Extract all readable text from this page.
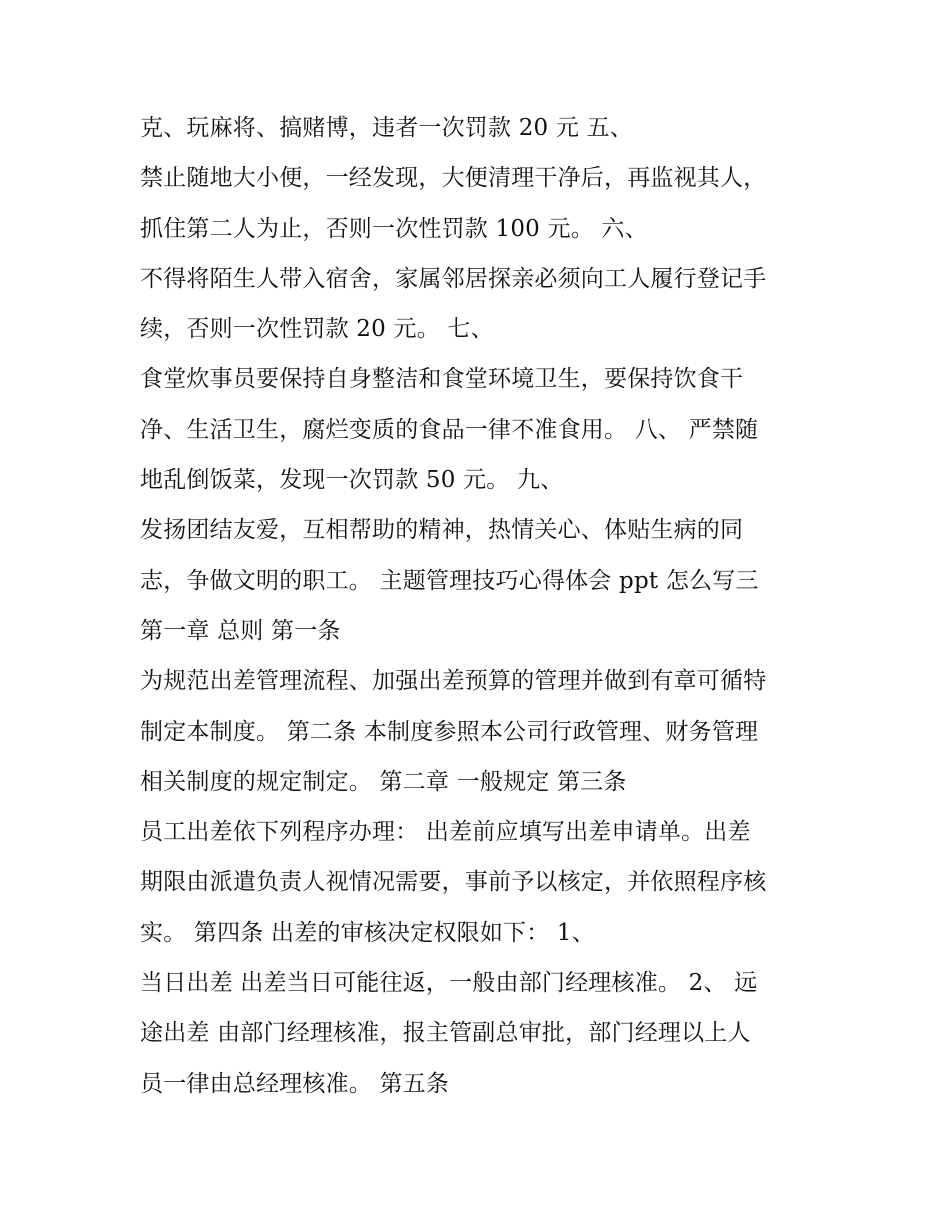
克、玩麻将、搞赌博，违者一次罚款 20 元 五、
禁止随地大小便，一经发现，大便清理干净后，再监视其人，
抓住第二人为止，否则一次性罚款 100 元。 六、
不得将陌生人带入宿舍，家属邻居探亲必须向工人履行登记手
续，否则一次性罚款 20 元。 七、
食堂炊事员要保持自身整洁和食堂环境卫生，要保持饮食干
净、生活卫生，腐烂变质的食品一律不准食用。 八、 严禁随
地乱倒饭菜，发现一次罚款 50 元。 九、
发扬团结友爱，互相帮助的精神，热情关心、体贴生病的同
志，争做文明的职工。 主题管理技巧心得体会 ppt 怎么写三
第一章 总则 第一条
为规范出差管理流程、加强出差预算的管理并做到有章可循特
制定本制度。 第二条 本制度参照本公司行政管理、财务管理
相关制度的规定制定。 第二章 一般规定 第三条
员工出差依下列程序办理： 出差前应填写出差申请单。出差
期限由派遣负责人视情况需要，事前予以核定，并依照程序核
实。 第四条 出差的审核决定权限如下： 1、
当日出差 出差当日可能往返，一般由部门经理核准。 2、 远
途出差 由部门经理核准，报主管副总审批，部门经理以上人
员一律由总经理核准。 第五条
